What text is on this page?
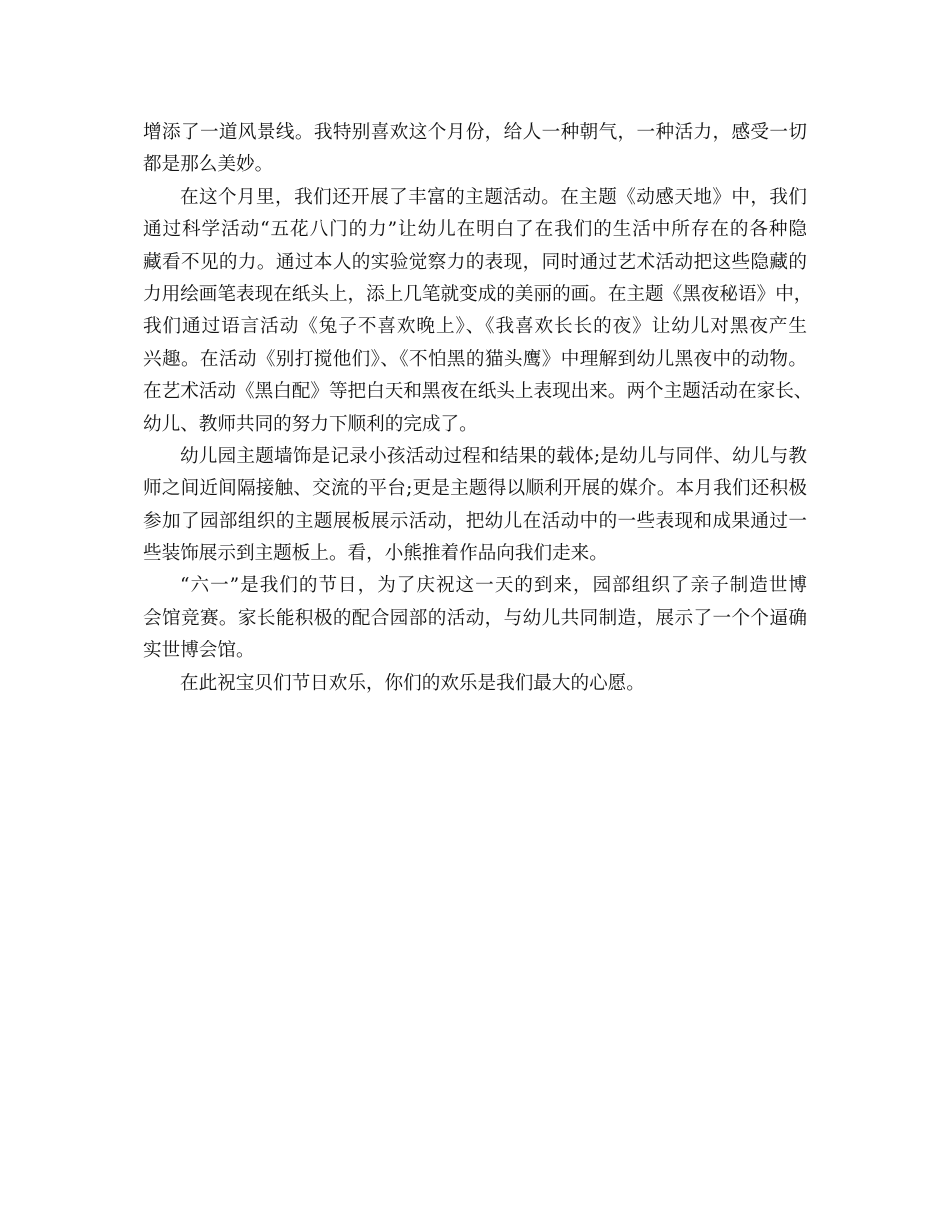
增添了一道风景线。我特别喜欢这个月份，给人一种朝气，一种活力，感受一切
都是那么美妙。
在这个月里，我们还开展了丰富的主题活动。在主题《动感天地》中，我们
通过科学活动“五花八门的力”让幼儿在明白了在我们的生活中所存在的各种隐
藏看不见的力。通过本人的实验觉察力的表现，同时通过艺术活动把这些隐藏的
力用绘画笔表现在纸头上，添上几笔就变成的美丽的画。在主题《黑夜秘语》中，
我们通过语言活动《兔子不喜欢晚上》、《我喜欢长长的夜》让幼儿对黑夜产生
兴趣。在活动《别打搅他们》、《不怕黑的猫头鹰》中理解到幼儿黑夜中的动物。
在艺术活动《黑白配》等把白天和黑夜在纸头上表现出来。两个主题活动在家长、
幼儿、教师共同的努力下顺利的完成了。
幼儿园主题墙饰是记录小孩活动过程和结果的载体;是幼儿与同伴、幼儿与教
师之间近间隔接触、交流的平台;更是主题得以顺利开展的媒介。本月我们还积极
参加了园部组织的主题展板展示活动，把幼儿在活动中的一些表现和成果通过一
些装饰展示到主题板上。看，小熊推着作品向我们走来。
“六一”是我们的节日，为了庆祝这一天的到来，园部组织了亲子制造世博
会馆竞赛。家长能积极的配合园部的活动，与幼儿共同制造，展示了一个个逼确
实世博会馆。
在此祝宝贝们节日欢乐，你们的欢乐是我们最大的心愿。
